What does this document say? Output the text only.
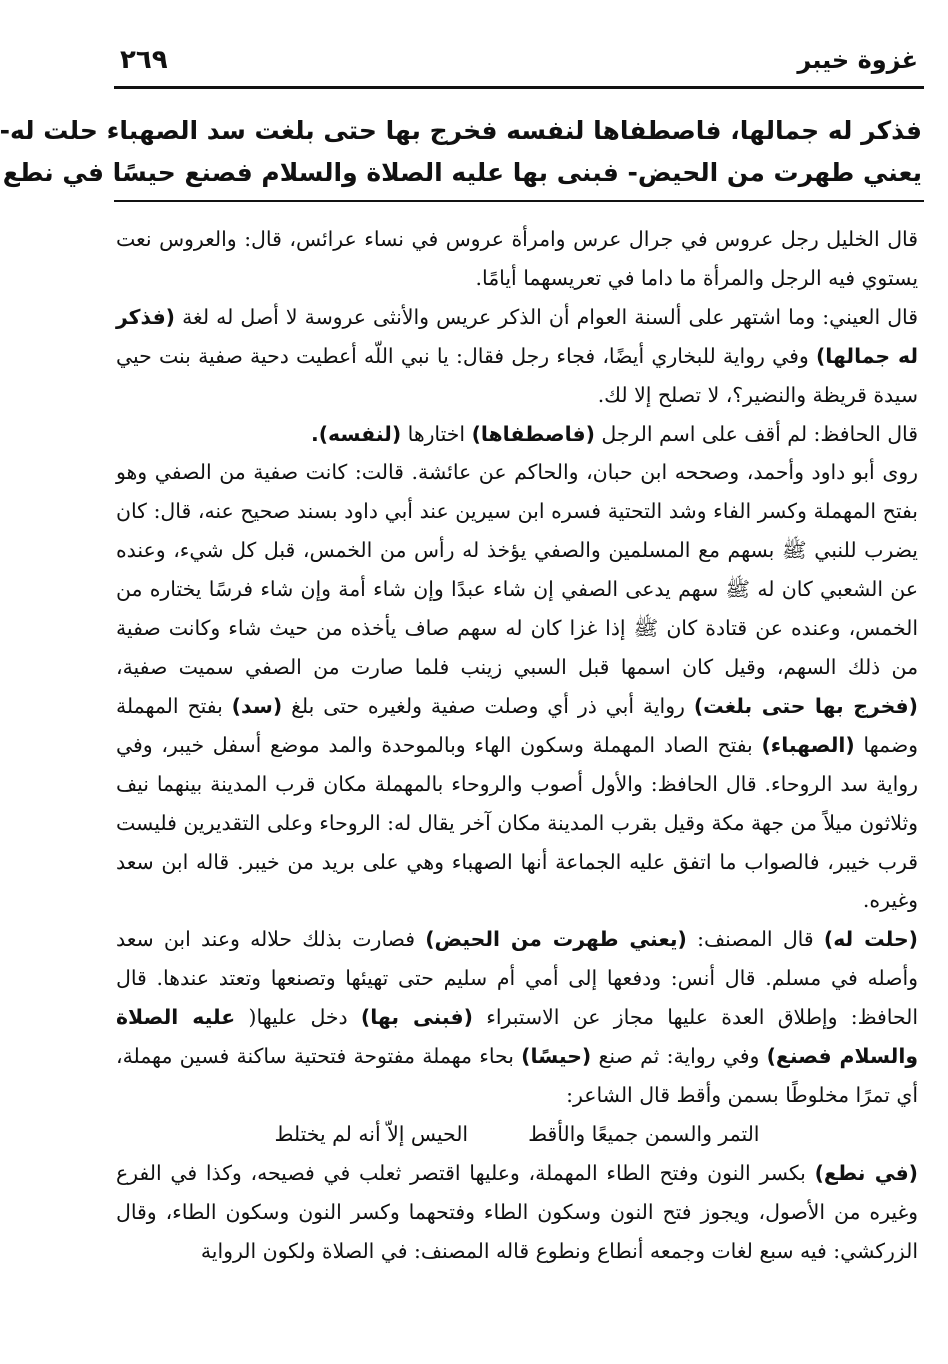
غزوة خيبر
٢٦٩
فذكر له جمالها، فاصطفاها لنفسه فخرج بها حتى بلغت سد الصهباء حلت له-
يعني طهرت من الحيض- فبنى بها عليه الصلاة والسلام فصنع حيسًا في نطع

قال الخليل رجل عروس في جرال عرس وامرأة عروس في نساء عرائس، قال: والعروس نعت يستوي فيه الرجل والمرأة ما داما في تعريسهما أيامًا.

قال العيني: وما اشتهر على ألسنة العوام أن الذكر عريس والأنثى عروسة لا أصل له لغة (فذكر له جمالها) وفي رواية للبخاري أيضًا، فجاء رجل فقال: يا نبي اللّه أعطيت دحية صفية بنت حيي سيدة قريظة والنضير؟، لا تصلح إلا لك.

قال الحافظ: لم أقف على اسم الرجل (فاصطفاها) اختارها (لنفسه).

روى أبو داود وأحمد، وصححه ابن حبان، والحاكم عن عائشة. قالت: كانت صفية من الصفي وهو بفتح المهملة وكسر الفاء وشد التحتية فسره ابن سيرين عند أبي داود بسند صحيح عنه، قال: كان يضرب للنبي ﷺ بسهم مع المسلمين والصفي يؤخذ له رأس من الخمس، قبل كل شيء، وعنده عن الشعبي كان له ﷺ سهم يدعى الصفي إن شاء عبدًا وإن شاء أمة وإن شاء فرسًا يختاره من الخمس، وعنده عن قتادة كان ﷺ إذا غزا كان له سهم صاف يأخذه من حيث شاء وكانت صفية من ذلك السهم، وقيل كان اسمها قبل السبي زينب فلما صارت من الصفي سميت صفية، (فخرج بها حتى بلغت) رواية أبي ذر أي وصلت صفية ولغيره حتى بلغ (سد) بفتح المهملة وضمها (الصهباء) بفتح الصاد المهملة وسكون الهاء وبالموحدة والمد موضع أسفل خيبر، وفي رواية سد الروحاء. قال الحافظ: والأول أصوب والروحاء بالمهملة مكان قرب المدينة بينهما نيف وثلاثون ميلاً من جهة مكة وقيل بقرب المدينة مكان آخر يقال له: الروحاء وعلى التقديرين فليست قرب خيبر، فالصواب ما اتفق عليه الجماعة أنها الصهباء وهي على بريد من خيبر. قاله ابن سعد وغيره.

(حلت له) قال المصنف: (يعني طهرت من الحيض) فصارت بذلك حلاله وعند ابن سعد وأصله في مسلم. قال أنس: ودفعها إلى أمي أم سليم حتى تهيئها وتصنعها وتعتد عندها. قال الحافظ: وإطلاق العدة عليها مجاز عن الاستبراء (فبنى بها) دخل عليها( عليه الصلاة والسلام فصنع) وفي رواية: ثم صنع (حيسًا) بحاء مهملة مفتوحة فتحتية ساكنة فسين مهملة، أي تمرًا مخلوطًا بسمن وأقط قال الشاعر:

التمر والسمن جميعًا والأقط
الحيس إلاّ أنه لم يختلط

(في نطع) بكسر النون وفتح الطاء المهملة، وعليها اقتصر ثعلب في فصيحه، وكذا في الفرع وغيره من الأصول، ويجوز فتح النون وسكون الطاء وفتحهما وكسر النون وسكون الطاء، وقال الزركشي: فيه سبع لغات وجمعه أنطاع ونطوع قاله المصنف: في الصلاة ولكون الرواية
